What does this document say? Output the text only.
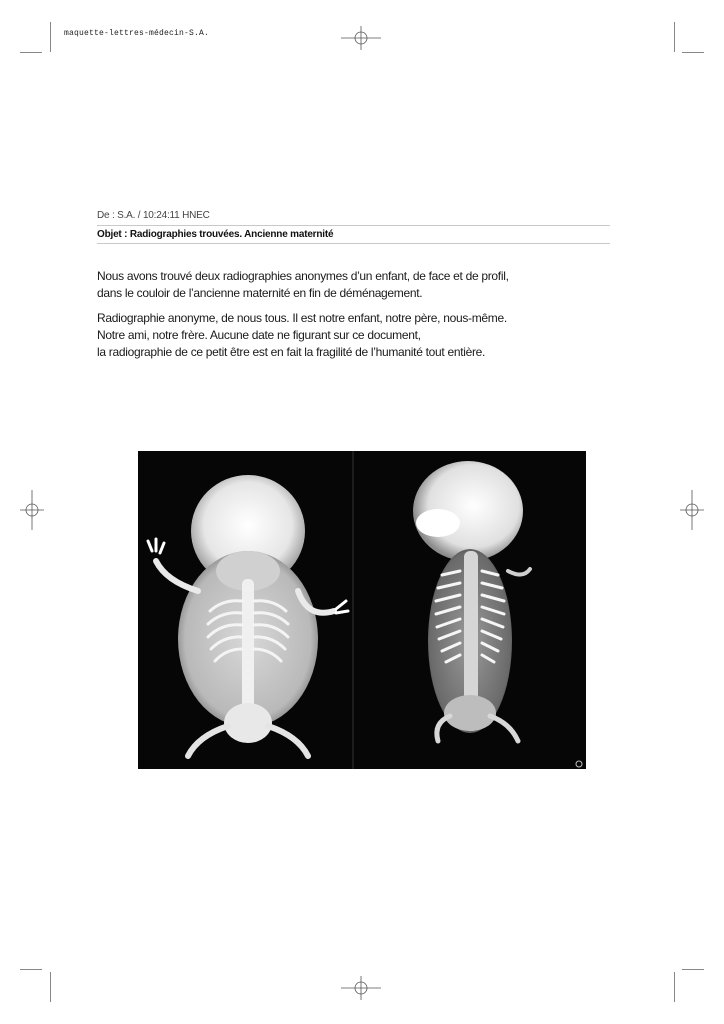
maquette-lettres-médecin-S.A.
De : S.A. / 10:24:11 HNEC
Objet : Radiographies trouvées. Ancienne maternité

Nous avons trouvé deux radiographies anonymes d’un enfant, de face et de profil,
dans le couloir de l’ancienne maternité en fin de déménagement.

Radiographie anonyme, de nous tous. Il est notre enfant, notre père, nous-même.
Notre ami, notre frère. Aucune date ne figurant sur ce document,
la radiographie de ce petit être est en fait la fragilité de l’humanité tout entière.
